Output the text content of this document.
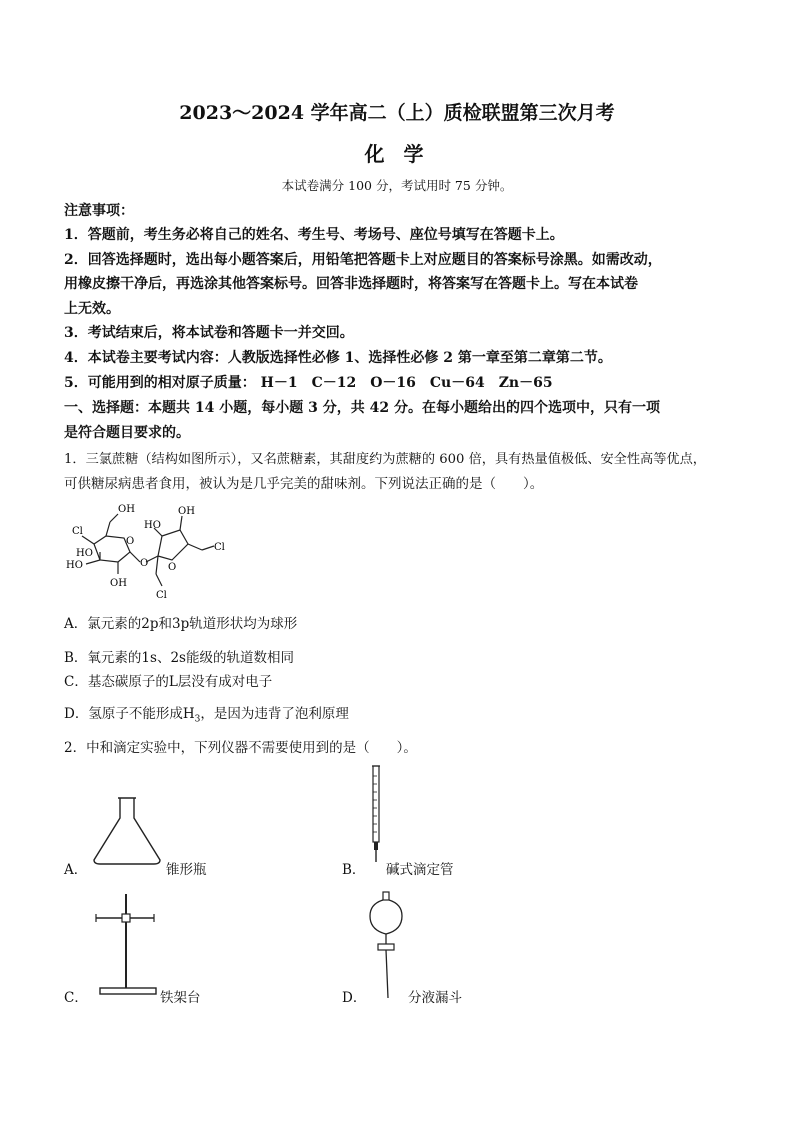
2023～2024 学年高二（上）质检联盟第三次月考
化 学
本试卷满分 100 分，考试用时 75 分钟。
注意事项：
1．答题前，考生务必将自己的姓名、考生号、考场号、座位号填写在答题卡上。
2．回答选择题时，选出每小题答案后，用铅笔把答题卡上对应题目的答案标号涂黑。如需改动，
用橡皮擦干净后，再选涂其他答案标号。回答非选择题时，将答案写在答题卡上。写在本试卷
上无效。
3．考试结束后，将本试卷和答题卡一并交回。
4．本试卷主要考试内容：人教版选择性必修 1、选择性必修 2 第一章至第二章第二节。
5．可能用到的相对原子质量： H－1　C－12　O－16　Cu－64　Zn－65
一、选择题：本题共 14 小题，每小题 3 分，共 42 分。在每小题给出的四个选项中，只有一项
是符合题目要求的。
1．三氯蔗糖（结构如图所示），又名蔗糖素，其甜度约为蔗糖的 600 倍，具有热量值极低、安全性高等优点，
可供糖尿病患者食用，被认为是几乎完美的甜味剂。下列说法正确的是（　　）。
Cl
OH
HO
OH
HO
O
O O
OH
Cl
Cl
HO
A．氯元素的2p和3p轨道形状均为球形
B．氧元素的1s、2s能级的轨道数相同
C．基态碳原子的L层没有成对电子
D．氢原子不能形成$H_3$，是因为违背了泡利原理
2．中和滴定实验中，下列仪器不需要使用到的是（　　）。
A．	锥形瓶	B． 碱式滴定管
C．	铁架台	D．	分液漏斗
